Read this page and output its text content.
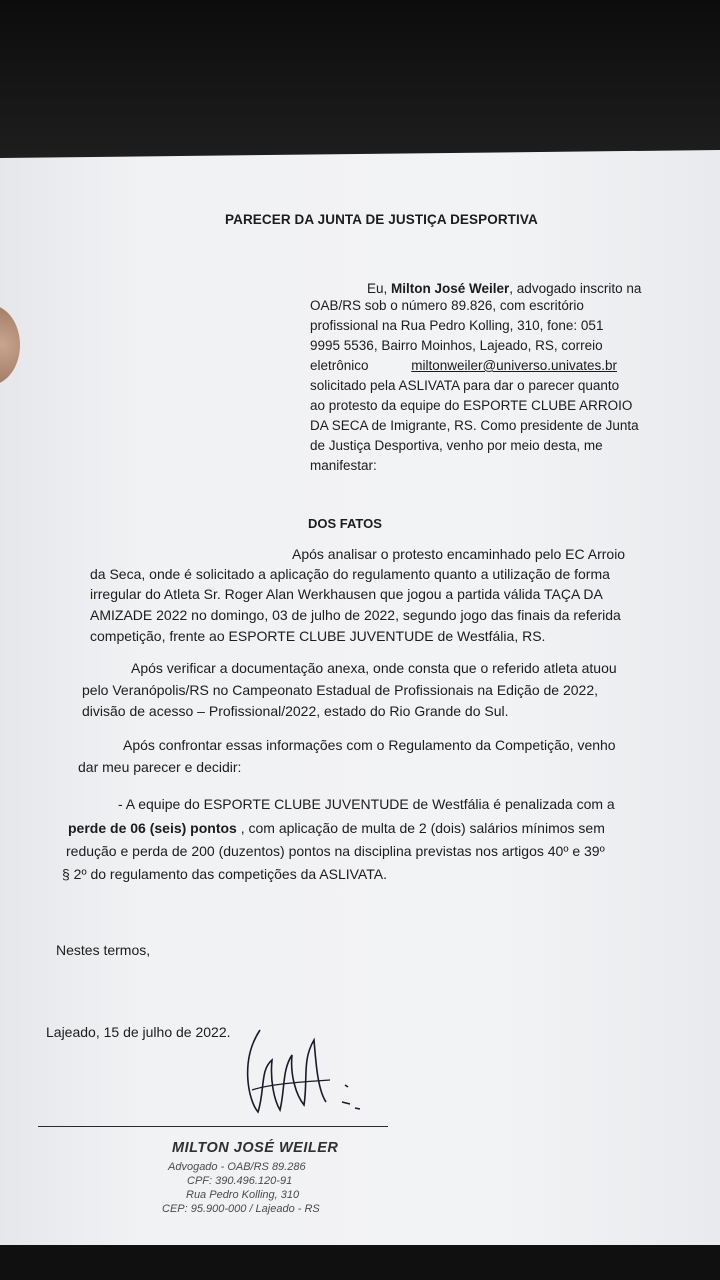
PARECER DA JUNTA DE JUSTIÇA DESPORTIVA
Eu, Milton José Weiler, advogado inscrito na
OAB/RS sob o número 89.826, com escritório
profissional na Rua Pedro Kolling, 310, fone: 051
9995 5536, Bairro Moinhos, Lajeado, RS, correio
eletrônico	miltonweiler@universo.univates.br
solicitado pela ASLIVATA para dar o parecer quanto
ao protesto da equipe do ESPORTE CLUBE ARROIO
DA SECA de Imigrante, RS. Como presidente de Junta
de Justiça Desportiva, venho por meio desta, me
manifestar:
DOS FATOS
Após analisar o protesto encaminhado pelo EC Arroio
da Seca, onde é solicitado a aplicação do regulamento quanto a utilização de forma
irregular do Atleta Sr. Roger Alan Werkhausen que jogou a partida válida TAÇA DA
AMIZADE 2022 no domingo, 03 de julho de 2022, segundo jogo das finais da referida
competição, frente ao ESPORTE CLUBE JUVENTUDE de Westfália, RS.
Após verificar a documentação anexa, onde consta que o referido atleta atuou
pelo Veranópolis/RS no Campeonato Estadual de Profissionais na Edição de 2022,
divisão de acesso – Profissional/2022, estado do Rio Grande do Sul.
Após confrontar essas informações com o Regulamento da Competição, venho
dar meu parecer e decidir:
- A equipe do ESPORTE CLUBE JUVENTUDE de Westfália é penalizada com a
perde de 06 (seis) pontos , com aplicação de multa de 2 (dois) salários mínimos sem
redução e perda de 200 (duzentos) pontos na disciplina previstas nos artigos 40º e 39º
§ 2º do regulamento das competições da ASLIVATA.
Nestes termos,
Lajeado, 15 de julho de 2022.
MILTON JOSÉ WEILER
Advogado - OAB/RS 89.286
CPF: 390.496.120-91
Rua Pedro Kolling, 310
CEP: 95.900-000 / Lajeado - RS
